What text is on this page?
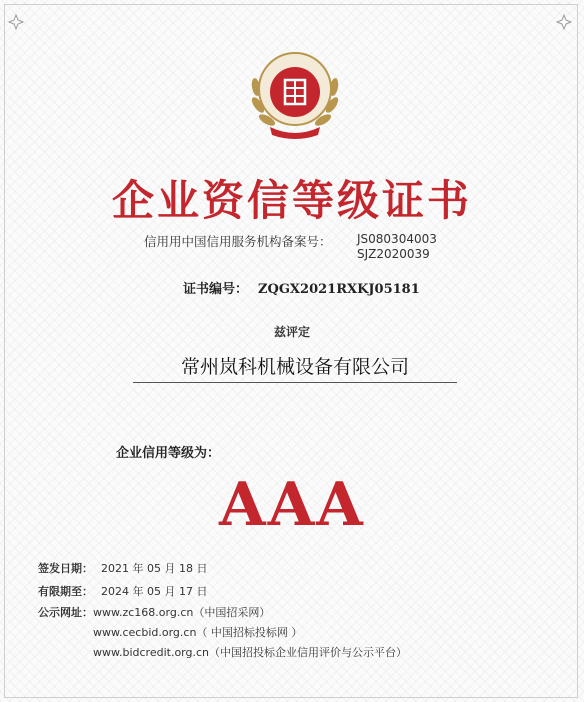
企业资信等级证书
信用用中国信用服务机构备案号： JS080304003
SJZ2020039
证书编号： ZQGX2021RXKJ05181
兹评定
常州岚科机械设备有限公司
企业信用等级为：
AAA
签发日期： 2021 年 05 月 18 日
有限期至： 2024 年 05 月 17 日
公示网址： www.zc168.org.cn（中国招采网）
www.cecbid.org.cn（ 中国招标投标网 ）
www.bidcredit.org.cn（中国招投标企业信用评价与公示平台）
